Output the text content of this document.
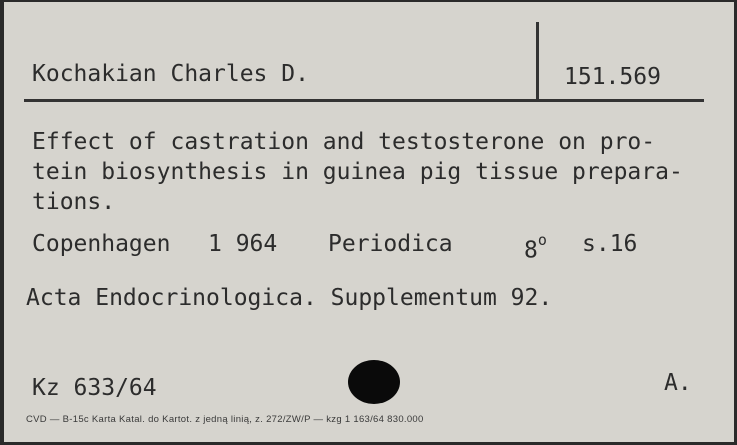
Kochakian Charles D.	151.569
Effect of castration and testosterone on pro-
tein biosynthesis in guinea pig tissue prepara-
tions.
Copenhagen 1 964 Periodica	8$^o$ s.16
Acta Endocrinologica. Supplementum 92.
Kz 633/64	A.
CVD — B-15c Karta Katal. do Kartot. z jedną linią, z. 272/ZW/P — kzg 1 163/64 830.000
